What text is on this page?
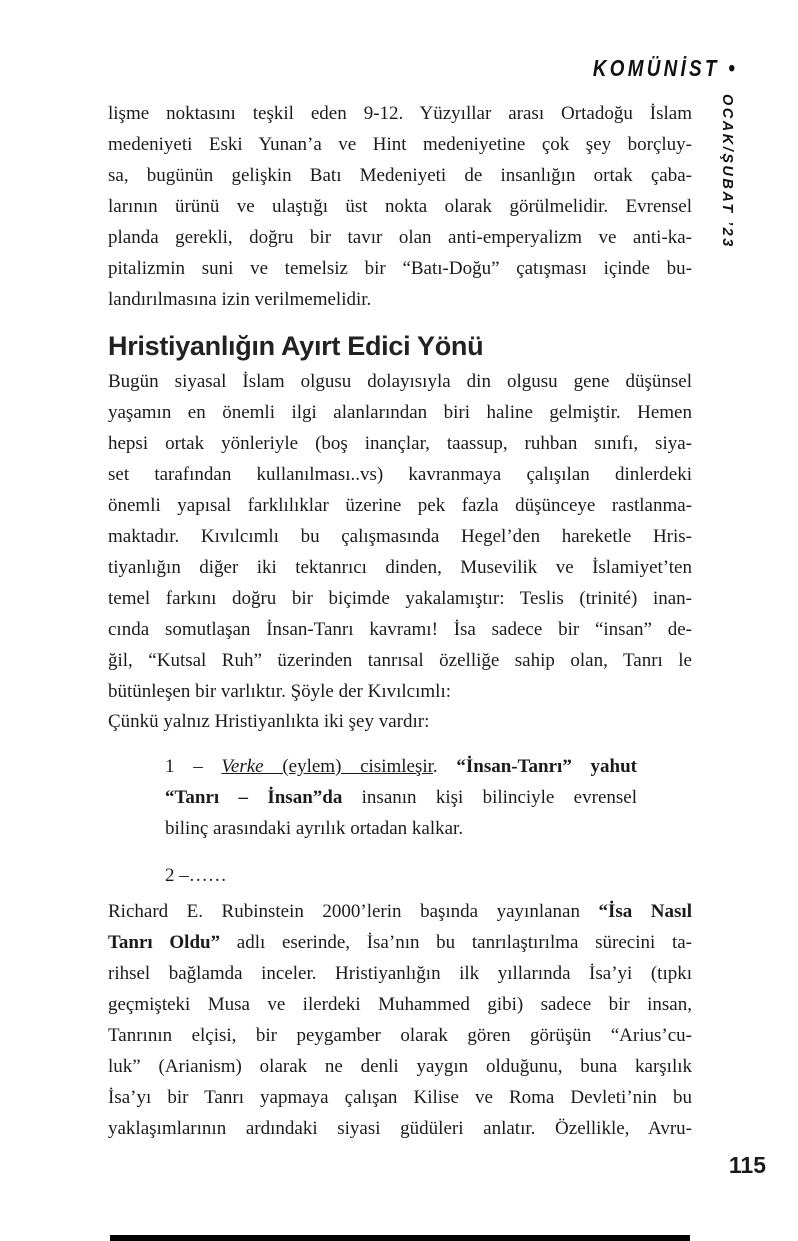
KOMÜNİST •
OCAK/ŞUBAT ’23
lişme noktasını teşkil eden 9-12. Yüzyıllar arası Ortadoğu İslam
medeniyeti Eski Yunan’a ve Hint medeniyetine çok şey borçluy-
sa, bugünün gelişkin Batı Medeniyeti de insanlığın ortak çaba-
larının ürünü ve ulaştığı üst nokta olarak görülmelidir. Evrensel
planda gerekli, doğru bir tavır olan anti-emperyalizm ve anti-ka-
pitalizmin suni ve temelsiz bir “Batı-Doğu” çatışması içinde bu-
landırılmasına izin verilmemelidir.
Hristiyanlığın Ayırt Edici Yönü
Bugün siyasal İslam olgusu dolayısıyla din olgusu gene düşünsel
yaşamın en önemli ilgi alanlarından biri haline gelmiştir. Hemen
hepsi ortak yönleriyle (boş inançlar, taassup, ruhban sınıfı, siya-
set tarafından kullanılması..vs) kavranmaya çalışılan dinlerdeki
önemli yapısal farklılıklar üzerine pek fazla düşünceye rastlanma-
maktadır. Kıvılcımlı bu çalışmasında Hegel’den hareketle Hris-
tiyanlığın diğer iki tektanrıcı dinden, Musevilik ve İslamiyet’ten
temel farkını doğru bir biçimde yakalamıştır: Teslis (trinité) inan-
cında somutlaşan İnsan-Tanrı kavramı! İsa sadece bir “insan” de-
ğil, “Kutsal Ruh” üzerinden tanrısal özelliğe sahip olan, Tanrı le
bütünleşen bir varlıktır. Şöyle der Kıvılcımlı:
Çünkü yalnız Hristiyanlıkta iki şey vardır:
1 – Verke (eylem) cisimleşir. “İnsan-Tanrı” yahut
“Tanrı – İnsan”da insanın kişi bilinciyle evrensel
bilinç arasındaki ayrılık ortadan kalkar.
2 –……
Richard E. Rubinstein 2000’lerin başında yayınlanan “İsa Nasıl
Tanrı Oldu” adlı eserinde, İsa’nın bu tanrılaştırılma sürecini ta-
rihsel bağlamda inceler. Hristiyanlığın ilk yıllarında İsa’yi (tıpkı
geçmişteki Musa ve ilerdeki Muhammed gibi) sadece bir insan,
Tanrının elçisi, bir peygamber olarak gören görüşün “Arius’cu-
luk” (Arianism) olarak ne denli yaygın olduğunu, buna karşılık
İsa’yı bir Tanrı yapmaya çalışan Kilise ve Roma Devleti’nin bu
yaklaşımlarının ardındaki siyasi güdüleri anlatır. Özellikle, Avru-
115
